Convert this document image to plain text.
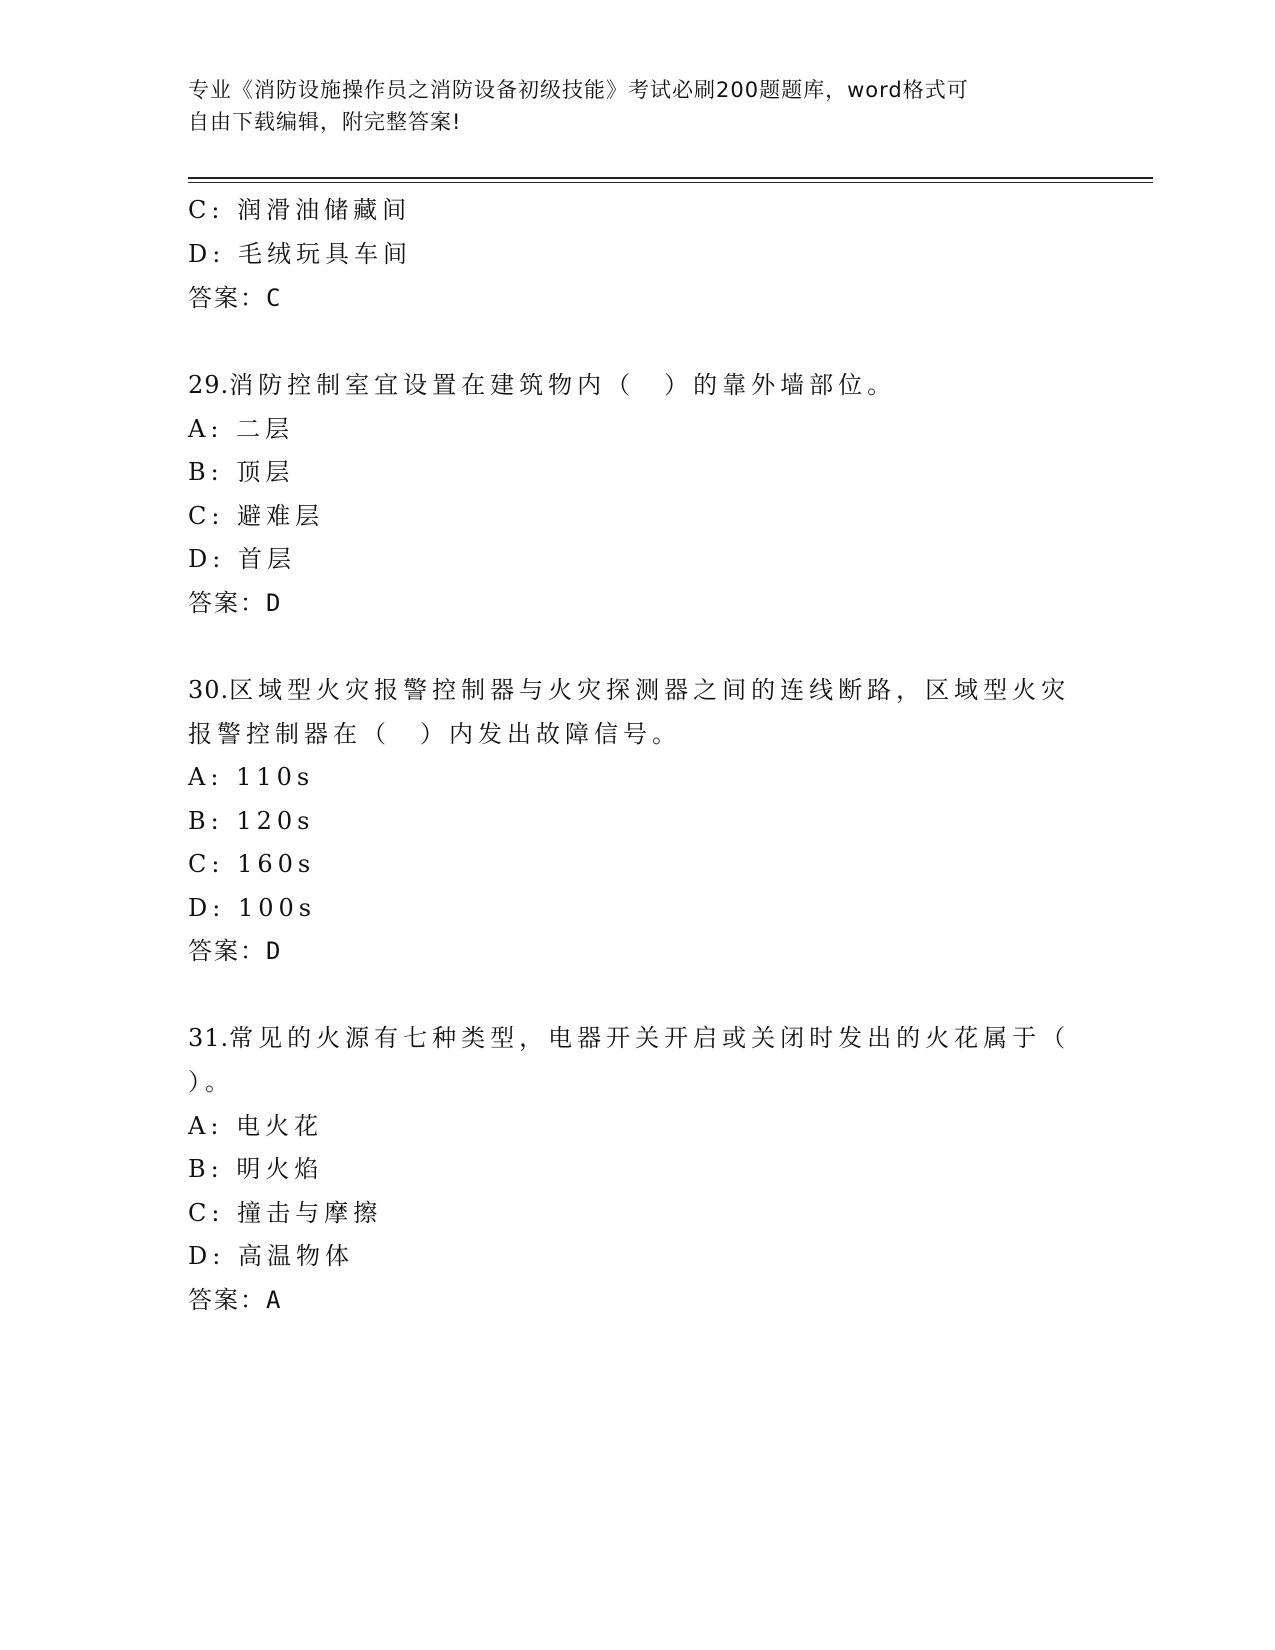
专业《消防设施操作员之消防设备初级技能》考试必刷200题题库，word格式可
自由下载编辑，附完整答案!
C: 润滑油储藏间
D: 毛绒玩具车间
答案：C
29.消防控制室宜设置在建筑物内（　）的靠外墙部位。
A: 二层
B: 顶层
C: 避难层
D: 首层
答案：D
30.区域型火灾报警控制器与火灾探测器之间的连线断路，区域型火灾
报警控制器在（　）内发出故障信号。
A: 110s
B: 120s
C: 160s
D: 100s
答案：D
31.常见的火源有七种类型，电器开关开启或关闭时发出的火花属于（
）。
A: 电火花
B: 明火焰
C: 撞击与摩擦
D: 高温物体
答案：A
